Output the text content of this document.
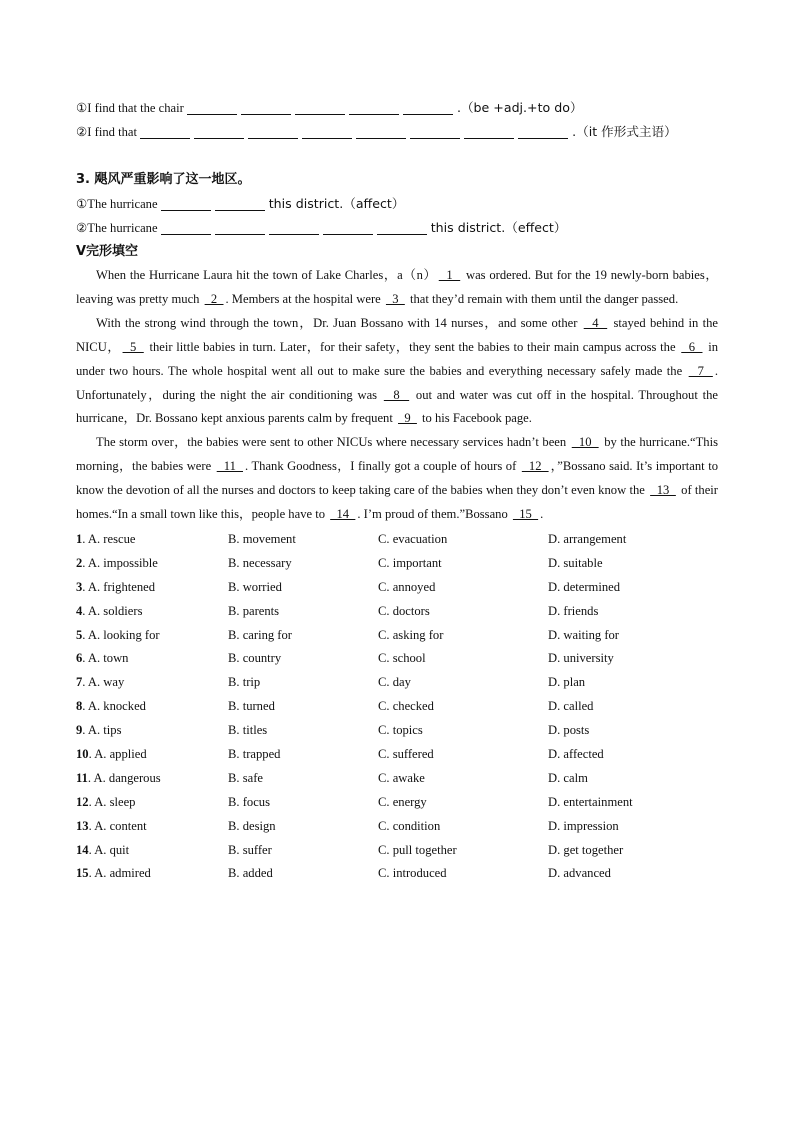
①I find that the chair	.（be +adj.+to do）
②I find that	.（it 作形式主语）
3. 飓风严重影响了这一地区。
①The hurricane	this district.（affect）
②The hurricane	this district.（effect）
V完形填空
When the Hurricane Laura hit the town of Lake Charles，a（n）  1   was ordered. But for the 19 newly-born babies，leaving was pretty much   2  . Members at the hospital were   3   that they’d remain with them until the danger passed.
With the strong wind through the town，Dr. Juan Bossano with 14 nurses，and some other   4   stayed behind in the NICU，  5   their little babies in turn. Later，for their safety，they sent the babies to their main campus across the   6   in under two hours. The whole hospital went all out to make sure the babies and everything necessary safely made the   7  . Unfortunately，during the night the air conditioning was   8   out and water was cut off in the hospital. Throughout the hurricane，Dr. Bossano kept anxious parents calm by frequent   9   to his Facebook page.
The storm over，the babies were sent to other NICUs where necessary services hadn’t been   10   by the hurricane.“This morning，the babies were   11  . Thank Goodness，I finally got a couple of hours of   12  ，”Bossano said. It’s important to know the devotion of all the nurses and doctors to keep taking care of the babies when they don’t even know the   13   of their homes.“In a small town like this，people have to   14  . I’m proud of them.”Bossano   15  .
1. A. rescue	B. movement	C. evacuation	D. arrangement
2. A. impossible	B. necessary	C. important	D. suitable
3. A. frightened	B. worried	C. annoyed	D. determined
4. A. soldiers	B. parents	C. doctors	D. friends
5. A. looking for	B. caring for	C. asking for	D. waiting for
6. A. town	B. country	C. school	D. university
7. A. way	B. trip	C. day	D. plan
8. A. knocked	B. turned	C. checked	D. called
9. A. tips	B. titles	C. topics	D. posts
10. A. applied	B. trapped	C. suffered	D. affected
11. A. dangerous	B. safe	C. awake	D. calm
12. A. sleep	B. focus	C. energy	D. entertainment
13. A. content	B. design	C. condition	D. impression
14. A. quit	B. suffer	C. pull together	D. get together
15. A. admired	B. added	C. introduced	D. advanced
